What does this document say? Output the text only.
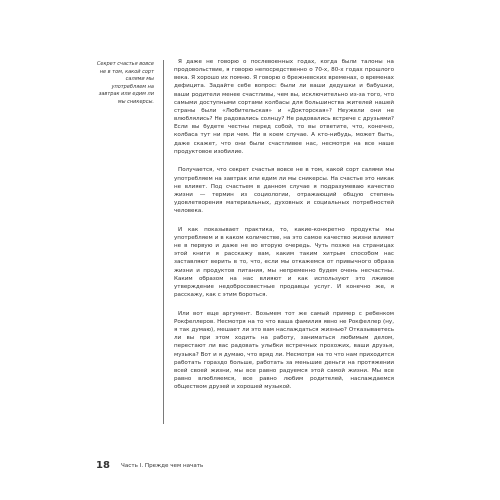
Секрет счастья вовсе не в том, какой сорт салями мы употребляем на завтрак или едим ли мы сникерсы.

Я даже не говорю о послевоенных годах, когда были талоны на продовольствие, я говорю непосредственно о 70-х, 80-х годах прошлого века. Я хорошо их помню. Я говорю о брежневских временах, о временах дефицита. Задайте себе вопрос: были ли ваши дедушки и бабушки, ваши родители менее счастливы, чем вы, исключительно из-за того, что самыми доступными сортами колбасы для большинства жителей нашей страны были «Любительская» и «Докторская»? Неужели они не влюблялись? Не радовались солнцу? Не радовались встрече с друзьями? Если вы будете честны перед собой, то вы ответите, что, конечно, колбаса тут ни при чем. Ни в коем случае. А кто-нибудь, может быть, даже скажет, что они были счастливее нас, несмотря на все наше продуктовое изобилие.

Получается, что секрет счастья вовсе не в том, какой сорт салями мы употребляем на завтрак или едим ли мы сникерсы. На счастье это никак не влияет. Под счастьем в данном случае я подразумеваю качество жизни — термин из социологии, отражающий общую степень удовлетворения материальных, духовных и социальных потребностей человека.

И как показывает практика, то, какие-конкретно продукты мы употребляем и в каком количестве, на это самое качество жизни влияет не в первую и даже не во вторую очередь. Чуть позже на страницах этой книги я расскажу вам, каким таким хитрым способом нас заставляют верить в то, что, если мы откажемся от привычного образа жизни и продуктов питания, мы непременно будем очень несчастны. Каким образом на нас влияют и как используют это лживое утверждение недобросовестные продавцы услуг. И конечно же, я расскажу, как с этим бороться.

Или вот еще аргумент. Возьмем тот же самый пример с ребенком Рокфеллеров. Несмотря на то что ваша фамилия явно не Рокфеллер (ну, я так думаю), мешает ли это вам наслаждаться жизнью? Отказываетесь ли вы при этом ходить на работу, заниматься любимым делом, перестают ли вас радовать улыбки встречных прохожих, ваши друзья, музыка? Вот и я думаю, что вряд ли. Несмотря на то что нам приходится работать гораздо больше, работать за меньшие деньги на протяжении всей своей жизни, мы все равно радуемся этой самой жизни. Мы все равно влюбляемся, все равно любим родителей, наслаждаемся обществом друзей и хорошей музыкой.

18 Часть I. Прежде чем начать
